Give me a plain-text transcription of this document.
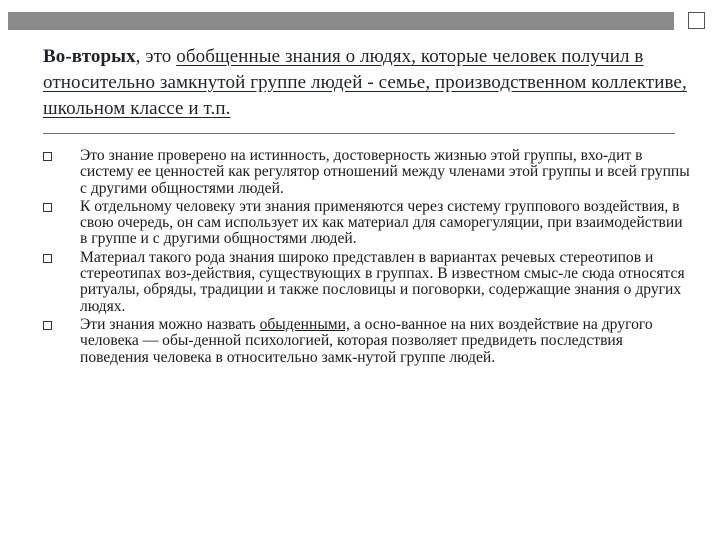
Во-вторых, это обобщенные знания о людях, которые человек получил в относительно замкнутой группе людей - семье, производственном коллективе, школьном классе и т.п.
Это знание проверено на истинность, достоверность жизнью этой группы, вхо-дит в систему ее ценностей как регулятор отношений между членами этой группы и всей группы с другими общностями людей.
К отдельному человеку эти знания применяются через систему группового воздействия, в свою очередь, он сам использует их как материал для саморегуляции, при взаимодействии в группе и с другими общностями людей.
Материал такого рода знания широко представлен в вариантах речевых стереотипов и стереотипах воз-действия, существующих в группах. В известном смыс-ле сюда относятся ритуалы, обряды, традиции и также пословицы и поговорки, содержащие знания о других людях.
Эти знания можно назвать обыденными, а осно-ванное на них воздействие на другого человека — обы-денной психологией, которая позволяет предвидеть последствия поведения человека в относительно замк-нутой группе людей.
